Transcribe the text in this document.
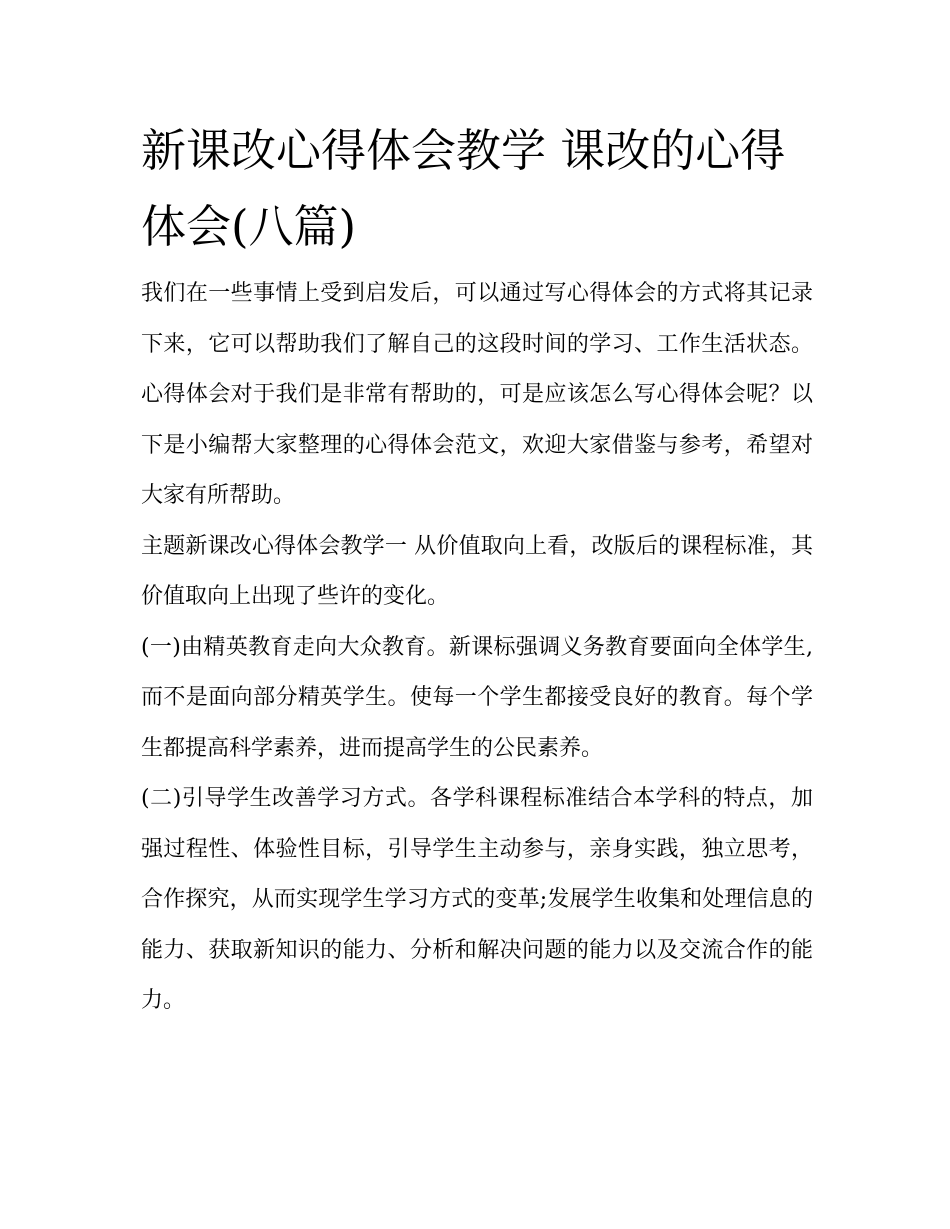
新课改心得体会教学 课改的心得体会(八篇)

我们在一些事情上受到启发后，可以通过写心得体会的方式将其记录下来，它可以帮助我们了解自己的这段时间的学习、工作生活状态。心得体会对于我们是非常有帮助的，可是应该怎么写心得体会呢？以下是小编帮大家整理的心得体会范文，欢迎大家借鉴与参考，希望对大家有所帮助。

主题新课改心得体会教学一 从价值取向上看，改版后的课程标准，其价值取向上出现了些许的变化。

(一)由精英教育走向大众教育。新课标强调义务教育要面向全体学生,而不是面向部分精英学生。使每一个学生都接受良好的教育。每个学生都提高科学素养，进而提高学生的公民素养。

(二)引导学生改善学习方式。各学科课程标准结合本学科的特点，加强过程性、体验性目标，引导学生主动参与，亲身实践，独立思考，合作探究，从而实现学生学习方式的变革;发展学生收集和处理信息的能力、获取新知识的能力、分析和解决问题的能力以及交流合作的能力。
